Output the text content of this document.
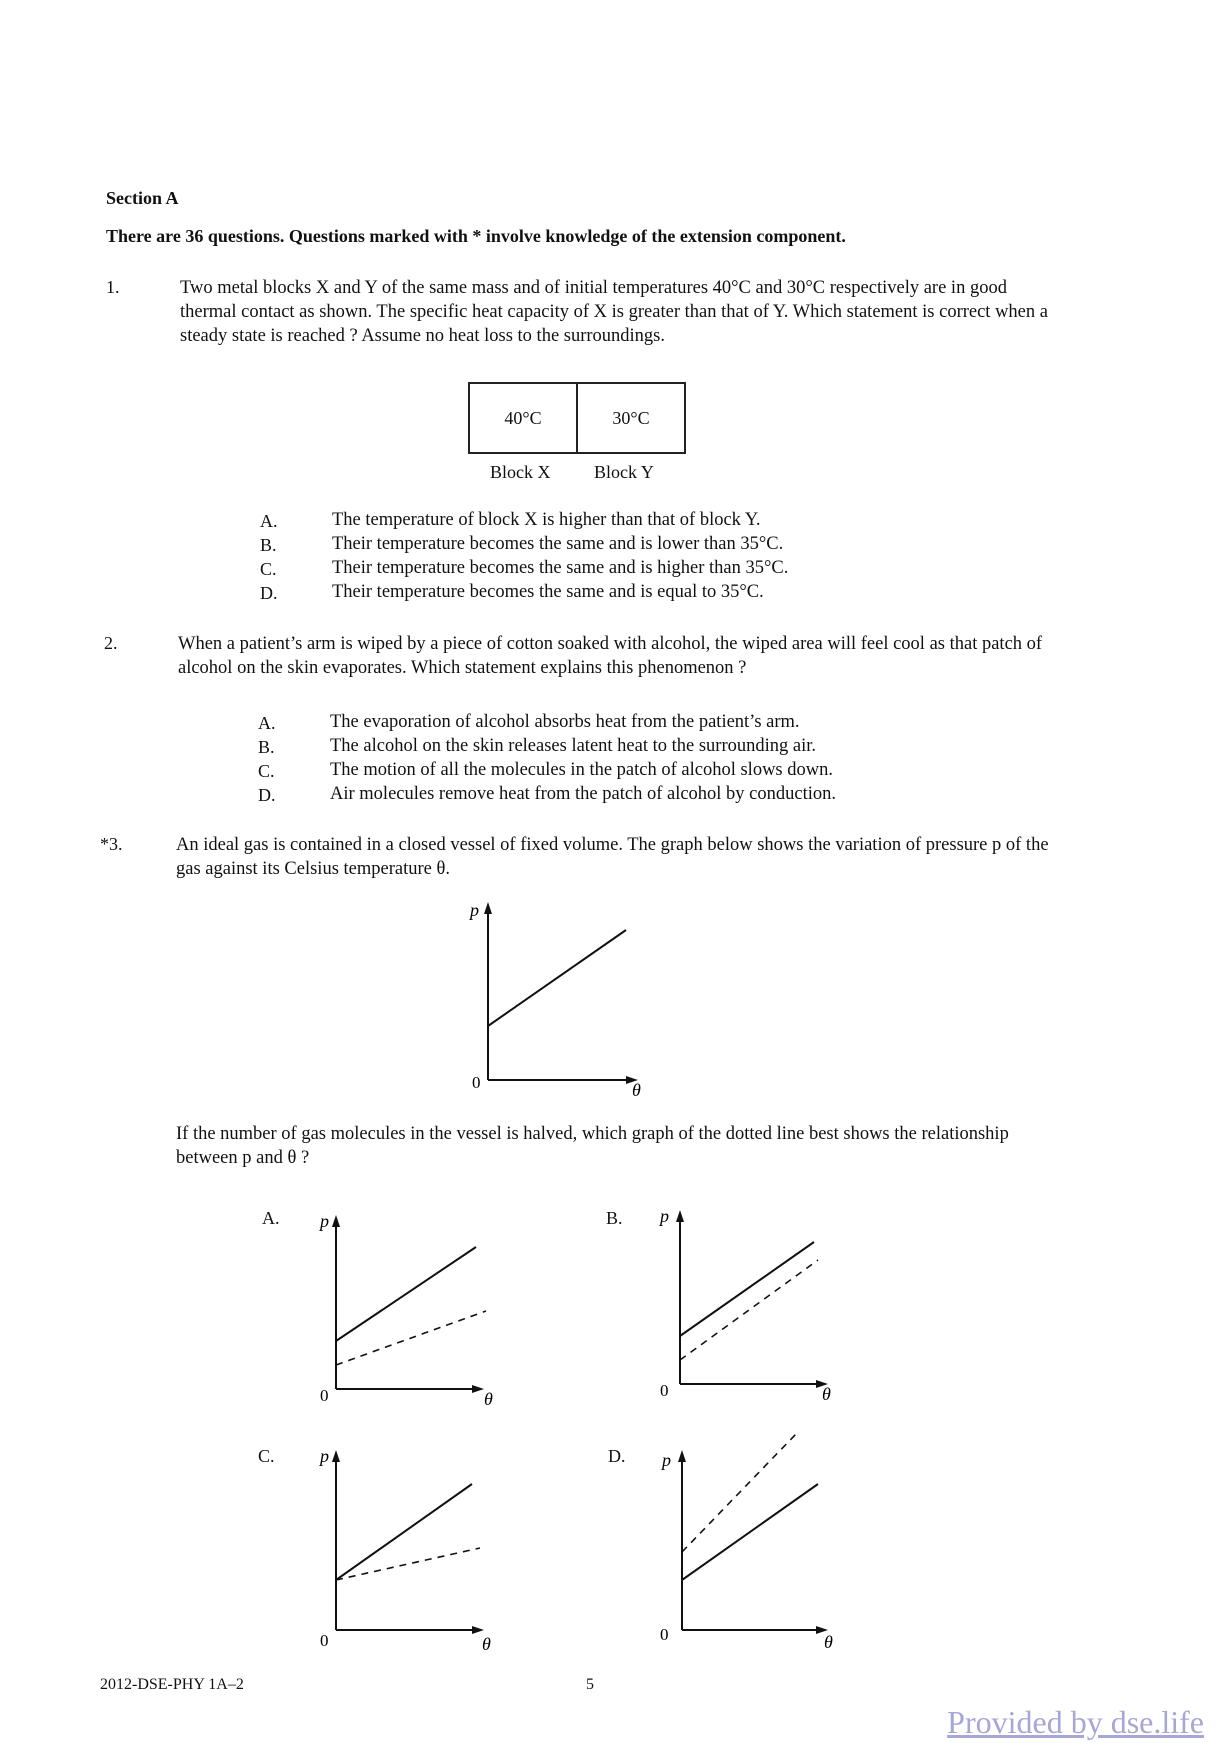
Section A
There are 36 questions. Questions marked with * involve knowledge of the extension component.
1.	Two metal blocks X and Y of the same mass and of initial temperatures 40°C and 30°C respectively are in good thermal contact as shown. The specific heat capacity of X is greater than that of Y. Which statement is correct when a steady state is reached ? Assume no heat loss to the surroundings.
40°C	30°C
Block X Block Y
A.	The temperature of block X is higher than that of block Y.
B.	Their temperature becomes the same and is lower than 35°C.
C.	Their temperature becomes the same and is higher than 35°C.
D.	Their temperature becomes the same and is equal to 35°C.
2.	When a patient’s arm is wiped by a piece of cotton soaked with alcohol, the wiped area will feel cool as that patch of alcohol on the skin evaporates. Which statement explains this phenomenon ?
A.	The evaporation of alcohol absorbs heat from the patient’s arm.
B.	The alcohol on the skin releases latent heat to the surrounding air.
C.	The motion of all the molecules in the patch of alcohol slows down.
D.	Air molecules remove heat from the patch of alcohol by conduction.
*3.	An ideal gas is contained in a closed vessel of fixed volume. The graph below shows the variation of pressure p of the gas against its Celsius temperature θ.
p
0	θ
If the number of gas molecules in the vessel is halved, which graph of the dotted line best shows the relationship between p and θ ?
A.	p
0	θ
B.	p
0	θ
C.	p
0	θ
D.	p
0	θ
2012-DSE-PHY 1A–2	5
Provided by dse.life
